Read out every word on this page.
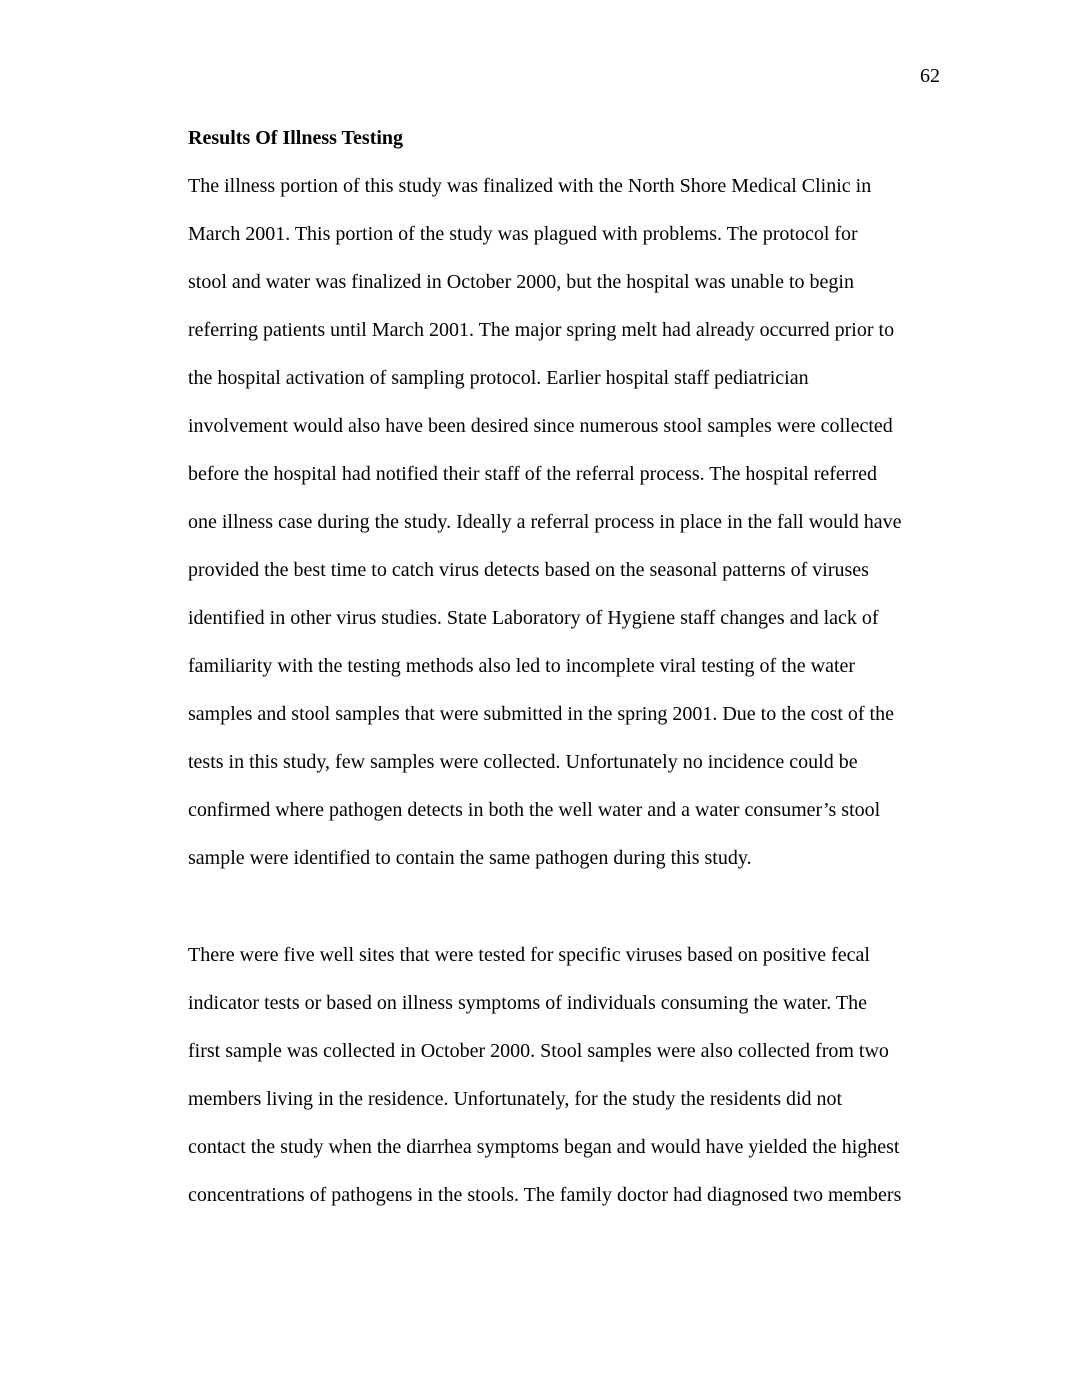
62
Results Of Illness Testing
The illness portion of this study was finalized with the North Shore Medical Clinic in
March 2001. This portion of the study was plagued with problems. The protocol for
stool and water was finalized in October 2000, but the hospital was unable to begin
referring patients until March 2001. The major spring melt had already occurred prior to
the hospital activation of sampling protocol. Earlier hospital staff pediatrician
involvement would also have been desired since numerous stool samples were collected
before the hospital had notified their staff of the referral process. The hospital referred
one illness case during the study. Ideally a referral process in place in the fall would have
provided the best time to catch virus detects based on the seasonal patterns of viruses
identified in other virus studies. State Laboratory of Hygiene staff changes and lack of
familiarity with the testing methods also led to incomplete viral testing of the water
samples and stool samples that were submitted in the spring 2001. Due to the cost of the
tests in this study, few samples were collected. Unfortunately no incidence could be
confirmed where pathogen detects in both the well water and a water consumer’s stool
sample were identified to contain the same pathogen during this study.
There were five well sites that were tested for specific viruses based on positive fecal
indicator tests or based on illness symptoms of individuals consuming the water. The
first sample was collected in October 2000. Stool samples were also collected from two
members living in the residence. Unfortunately, for the study the residents did not
contact the study when the diarrhea symptoms began and would have yielded the highest
concentrations of pathogens in the stools. The family doctor had diagnosed two members
